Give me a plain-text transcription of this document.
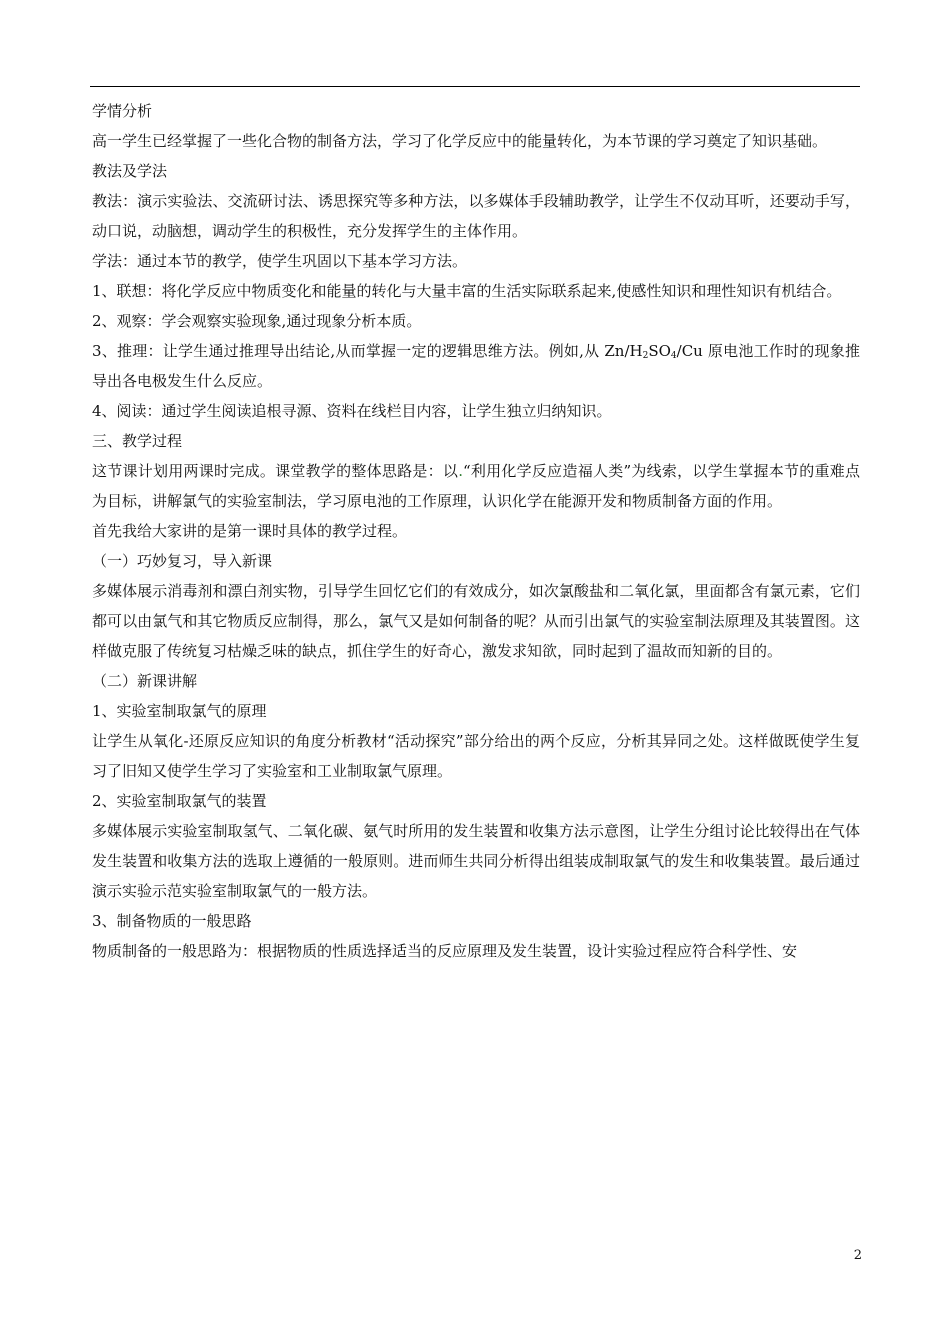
学情分析

高一学生已经掌握了一些化合物的制备方法，学习了化学反应中的能量转化，为本节课的学习奠定了知识基础。

教法及学法

教法：演示实验法、交流研讨法、诱思探究等多种方法，以多媒体手段辅助教学，让学生不仅动耳听，还要动手写，动口说，动脑想，调动学生的积极性，充分发挥学生的主体作用。

学法：通过本节的教学，使学生巩固以下基本学习方法。

1、联想：将化学反应中物质变化和能量的转化与大量丰富的生活实际联系起来,使感性知识和理性知识有机结合。

2、观察：学会观察实验现象,通过现象分析本质。

3、推理：让学生通过推理导出结论,从而掌握一定的逻辑思维方法。例如,从 $Zn/H_2SO_4/Cu$ 原电池工作时的现象推导出各电极发生什么反应。

4、阅读：通过学生阅读追根寻源、资料在线栏目内容，让学生独立归纳知识。

三、教学过程

这节课计划用两课时完成。课堂教学的整体思路是：以.“利用化学反应造福人类”为线索，以学生掌握本节的重难点为目标，讲解氯气的实验室制法，学习原电池的工作原理，认识化学在能源开发和物质制备方面的作用。

首先我给大家讲的是第一课时具体的教学过程。

（一）巧妙复习，导入新课

多媒体展示消毒剂和漂白剂实物，引导学生回忆它们的有效成分，如次氯酸盐和二氧化氯，里面都含有氯元素，它们都可以由氯气和其它物质反应制得，那么，氯气又是如何制备的呢？从而引出氯气的实验室制法原理及其装置图。这样做克服了传统复习枯燥乏味的缺点，抓住学生的好奇心，激发求知欲，同时起到了温故而知新的目的。

（二）新课讲解

1、实验室制取氯气的原理

让学生从氧化-还原反应知识的角度分析教材“活动探究”部分给出的两个反应，分析其异同之处。这样做既使学生复习了旧知又使学生学习了实验室和工业制取氯气原理。

2、实验室制取氯气的装置

多媒体展示实验室制取氢气、二氧化碳、氨气时所用的发生装置和收集方法示意图，让学生分组讨论比较得出在气体发生装置和收集方法的选取上遵循的一般原则。进而师生共同分析得出组装成制取氯气的发生和收集装置。最后通过演示实验示范实验室制取氯气的一般方法。

3、制备物质的一般思路

物质制备的一般思路为：根据物质的性质选择适当的反应原理及发生装置，设计实验过程应符合科学性、安

2
